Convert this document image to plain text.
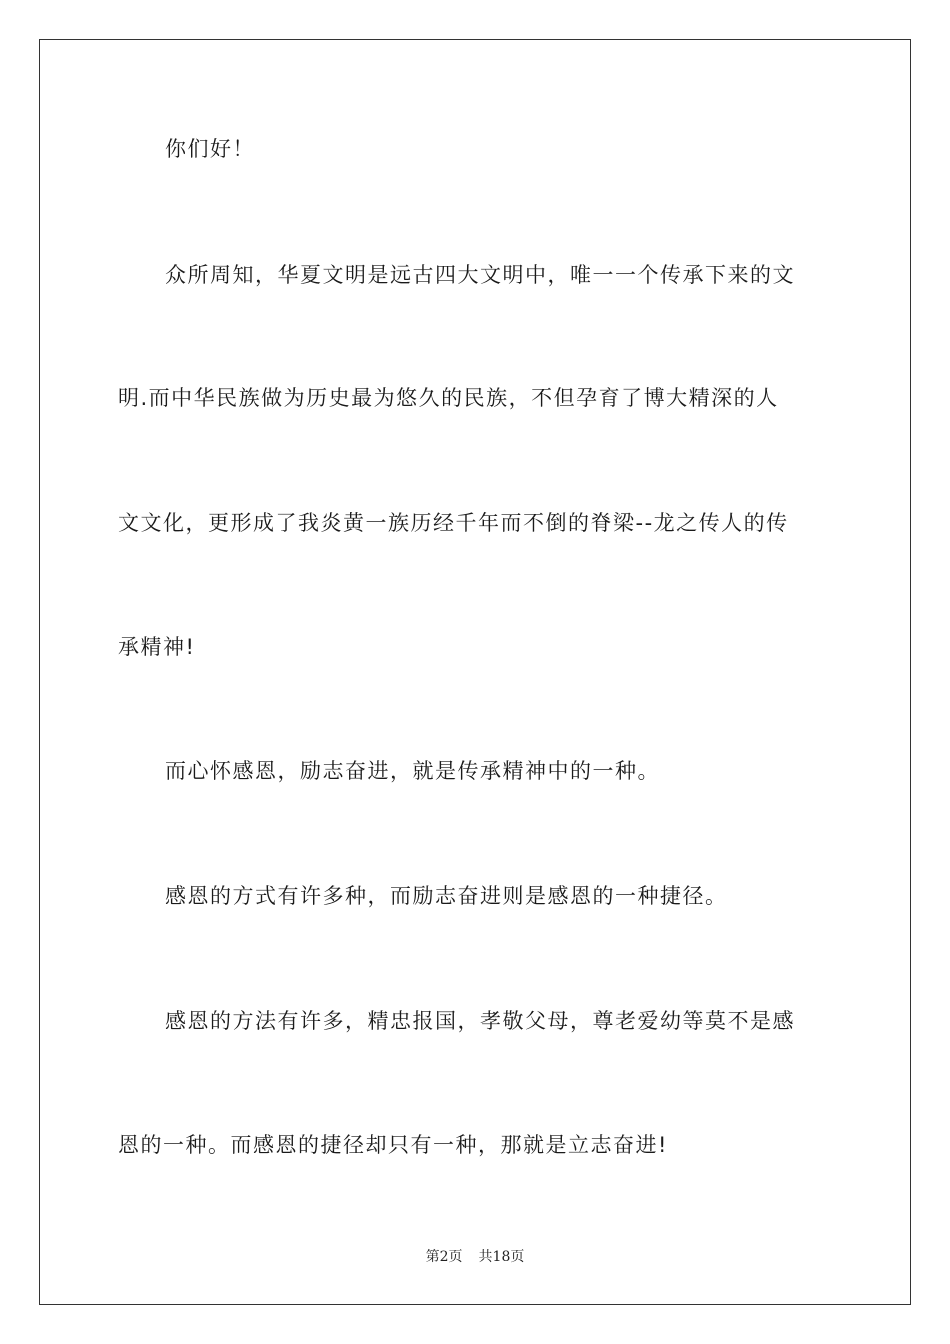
你们好！
众所周知，华夏文明是远古四大文明中，唯一一个传承下来的文
明.而中华民族做为历史最为悠久的民族，不但孕育了博大精深的人
文文化，更形成了我炎黄一族历经千年而不倒的脊梁--龙之传人的传
承精神!
而心怀感恩，励志奋进，就是传承精神中的一种。
感恩的方式有许多种，而励志奋进则是感恩的一种捷径。
感恩的方法有许多，精忠报国，孝敬父母，尊老爱幼等莫不是感
恩的一种。而感恩的捷径却只有一种，那就是立志奋进!
第2页 共18页
